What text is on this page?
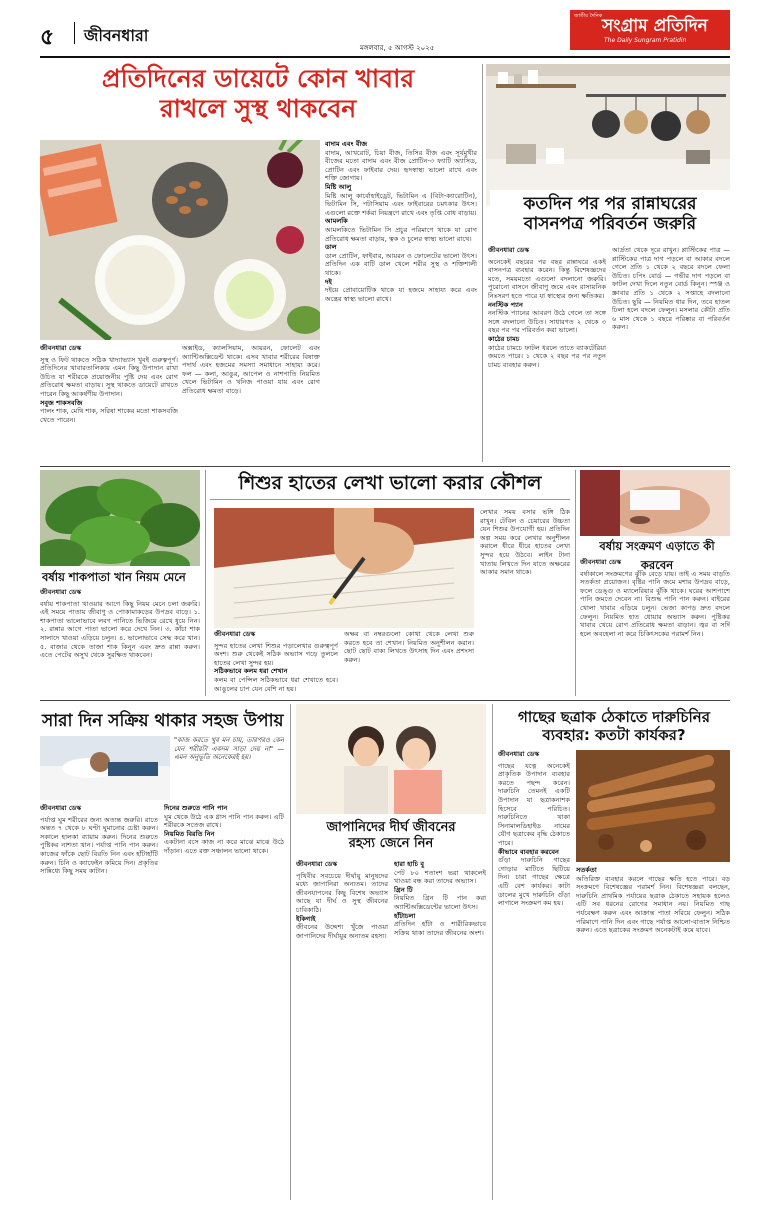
৫ জীবনধারা
মঙ্গলবার, ৫ আগস্ট ২০২৫
জাতীয় দৈনিক সংগ্রাম প্রতিদিন
The Daily Sungram Pratidin
প্রতিদিনের ডায়েটে কোন খাবার
রাখলে সুস্থ থাকবেন
জীবনধারা ডেস্ক
সুস্থ ও ফিট থাকতে সঠিক খাদ্যাভ্যাস খুবই গুরুত্বপূর্ণ। প্রতিদিনের খাবারতালিকায় এমন কিছু উপাদান রাখা উচিত যা শরীরকে প্রয়োজনীয় পুষ্টি দেয় এবং রোগ প্রতিরোধ ক্ষমতা বাড়ায়। সুস্থ থাকতে ডায়েটে রাখতে পারেন কিছু আকর্ষণীয় উপাদান।
সবুজ শাকসবজি
পালং শাক, মেথি শাক, সরিষা শাকের মতো শাকসবজি খেতে পারেন।
অক্সাইড, ক্যালসিয়াম, আয়রন, ফোলেট এবং অ্যান্টিঅক্সিডেন্ট থাকে। এসব খাবার শরীরের বিষাক্ত পদার্থ এবং হজমের সমস্যা সমাধানে সাহায্য করে। ফল — কলা, আঙুর, আপেল ও নাশপাতি নিয়মিত খেলে ভিটামিন ও খনিজ পাওয়া যায় এবং রোগ প্রতিরোধ ক্ষমতা বাড়ে।
বাদাম এবং বীজ
বাদাম, আখরোট, চিয়া বীজ, তিসির বীজ এবং সূর্যমুখীর বীজের মতো বাদাম এবং বীজ প্রোটিন-৩ ফ্যাটি অ্যাসিড, প্রোটিন এবং ফাইবার দেয়। হৃদস্বাস্থ্য ভালো রাখে এবং শক্তি জোগায়।
মিষ্টি আলু
মিষ্টি আলু কার্বোহাইড্রেট, ভিটামিন এ (বিটা-ক্যারোটিন), ভিটামিন সি, পটাসিয়াম এবং ফাইবারের চমৎকার উৎস। এগুলো রক্তে শর্করা নিয়ন্ত্রণে রাখে এবং তৃপ্তি বোধ বাড়ায়।
আমলকি
আমলকিতে ভিটামিন সি প্রচুর পরিমাণে থাকে যা রোগ প্রতিরোধ ক্ষমতা বাড়ায়, ত্বক ও চুলের স্বাস্থ্য ভালো রাখে।
ডাল
ডাল প্রোটিন, ফাইবার, আয়রন ও ফোলেটের ভালো উৎস। প্রতিদিন এক বাটি ডাল খেলে শরীর সুস্থ ও শক্তিশালী থাকে।
দই
দইয়ে প্রোবায়োটিক থাকে যা হজমে সাহায্য করে এবং অন্ত্রের স্বাস্থ্য ভালো রাখে।
কতদিন পর পর রান্নাঘরের
বাসনপত্র পরিবর্তন জরুরি
জীবনধারা ডেস্ক
অনেকেই বছরের পর বছর রান্নাঘরে একই বাসনপত্র ব্যবহার করেন। কিন্তু বিশেষজ্ঞদের মতে, সময়মতো এগুলো বদলানো জরুরি। পুরোনো বাসনে জীবাণু জমে এবং রাসায়নিক নিঃসরণ হতে পারে যা স্বাস্থ্যের জন্য ক্ষতিকর।
ননস্টিক প্যান
ননস্টিক প্যানের আবরণ উঠে গেলে তা সঙ্গে সঙ্গে বদলানো উচিত। সাধারণত ২ থেকে ৩ বছর পর পর পরিবর্তন করা ভালো।
কাঠের চামচ
কাঠের চামচে ফাটল ধরলে তাতে ব্যাকটেরিয়া জমতে পারে। ১ থেকে ২ বছর পর পর নতুন চামচ ব্যবহার করুন।
আর্দ্রতা থেকে দূরে রাখুন। প্লাস্টিকের পাত্র — প্লাস্টিকের পাত্র দাগ পড়লে বা আকার বদলে গেলে প্রতি ১ থেকে ২ বছরে বদলে ফেলা উচিত। চপিং বোর্ড — গভীর দাগ পড়লে বা ফাটল দেখা দিলে নতুন বোর্ড কিনুন। স্পঞ্জ ও স্ক্রাবার প্রতি ১ থেকে ২ সপ্তাহে বদলানো উচিত। ছুরি — নিয়মিত ধার দিন, তবে হাতল ঢিলা হলে বদলে ফেলুন। মসলার কৌটা প্রতি ৬ মাস থেকে ১ বছরে পরিষ্কার বা পরিবর্তন করুন।
বর্ষায় শাকপাতা খান নিয়ম মেনে
জীবনধারা ডেস্ক
বর্ষায় শাকপাতা খাওয়ার আগে কিছু নিয়ম মেনে চলা জরুরি। এই সময়ে পাতায় জীবাণু ও পোকামাকড়ের উপদ্রব বাড়ে। ১. শাকপাতা ভালোভাবে লবণ পানিতে ভিজিয়ে রেখে ধুয়ে নিন। ২. রান্নার আগে পাতা ভালো করে দেখে নিন। ৩. কাঁচা শাক সালাদে খাওয়া এড়িয়ে চলুন। ৪. ভালোভাবে সেদ্ধ করে খান। ৫. বাজার থেকে তাজা শাক কিনুন এবং দ্রুত রান্না করুন। এতে পেটের অসুখ থেকে সুরক্ষিত থাকবেন।
শিশুর হাতের লেখা ভালো করার কৌশল
জীবনধারা ডেস্ক
সুন্দর হাতের লেখা শিশুর পড়ালেখার গুরুত্বপূর্ণ অংশ। শুরু থেকেই সঠিক অভ্যাস গড়ে তুললে হাতের লেখা সুন্দর হয়।
সঠিকভাবে কলম ধরা শেখান
কলম বা পেন্সিল সঠিকভাবে ধরা শেখাতে হবে। আঙুলের চাপ যেন বেশি না হয়।
অক্ষর বা নম্বরগুলো কোথা থেকে লেখা শুরু করতে হবে তা শেখান। নিয়মিত অনুশীলন করান। ছোট ছোট বাক্য লিখতে উৎসাহ দিন এবং প্রশংসা করুন।
লেখার সময় বসার ভঙ্গি ঠিক রাখুন। টেবিল ও চেয়ারের উচ্চতা যেন শিশুর উপযোগী হয়। প্রতিদিন অল্প সময় করে লেখার অনুশীলন করালে ধীরে ধীরে হাতের লেখা সুন্দর হয়ে উঠবে। লাইন টানা খাতায় লিখতে দিন যাতে অক্ষরের আকার সমান থাকে।
বর্ষায় সংক্রমণ এড়াতে কী করবেন
জীবনধারা ডেস্ক
বর্ষাকালে সংক্রমণের ঝুঁকি বেড়ে যায়। তাই এ সময় বাড়তি সতর্কতা প্রয়োজন। বৃষ্টির পানি জমে মশার উপদ্রব বাড়ে, ফলে ডেঙ্গু ও ম্যালেরিয়ার ঝুঁকি থাকে। ঘরের আশপাশে পানি জমতে দেবেন না। বিশুদ্ধ পানি পান করুন। বাইরের খোলা খাবার এড়িয়ে চলুন। ভেজা কাপড় দ্রুত বদলে ফেলুন। নিয়মিত হাত ধোয়ার অভ্যাস করুন। পুষ্টিকর খাবার খেয়ে রোগ প্রতিরোধ ক্ষমতা বাড়ান। জ্বর বা সর্দি হলে অবহেলা না করে চিকিৎসকের পরামর্শ নিন।
সারা দিন সক্রিয় থাকার সহজ উপায়
"কাজ করতে খুব মন চায়, তারপরও কেন যেন শরীরটা একদম সাড়া দেয় না" — এমন অনুভূতি অনেকেরই হয়।
জীবনধারা ডেস্ক
পর্যাপ্ত ঘুম শরীরের জন্য অত্যন্ত জরুরি। রাতে অন্তত ৭ থেকে ৮ ঘণ্টা ঘুমানোর চেষ্টা করুন। সকালে হালকা ব্যায়াম করুন। দিনের শুরুতে পুষ্টিকর নাশতা খান। পর্যাপ্ত পানি পান করুন। কাজের ফাঁকে ছোট বিরতি নিন এবং হাঁটাহাঁটি করুন। চিনি ও ক্যাফেইন কমিয়ে দিন। প্রকৃতির সান্নিধ্যে কিছু সময় কাটান।
দিনের শুরুতে পানি পান
ঘুম থেকে উঠে এক গ্লাস পানি পান করুন। এটি শরীরকে সতেজ রাখে।
নিয়মিত বিরতি নিন
একটানা বসে কাজ না করে মাঝে মাঝে উঠে দাঁড়ান। এতে রক্ত সঞ্চালন ভালো থাকে।
জাপানিদের দীর্ঘ জীবনের
রহস্য জেনে নিন
জীবনধারা ডেস্ক
পৃথিবীর সবচেয়ে দীর্ঘায়ু মানুষদের মধ্যে জাপানিরা অন্যতম। তাদের জীবনযাপনের কিছু বিশেষ অভ্যাস আছে যা দীর্ঘ ও সুস্থ জীবনের চাবিকাঠি।
ইকিগাই
জীবনের উদ্দেশ্য খুঁজে পাওয়া জাপানিদের দীর্ঘায়ুর অন্যতম রহস্য।
হারা হাচি বু
পেট ৮০ শতাংশ ভরা থাকলেই খাওয়া বন্ধ করা তাদের অভ্যাস।
গ্রিন টি
নিয়মিত গ্রিন টি পান করা অ্যান্টিঅক্সিডেন্টের ভালো উৎস।
হাঁটাচলা
প্রতিদিন হাঁটা ও শারীরিকভাবে সক্রিয় থাকা তাদের জীবনের অংশ।
গাছের ছত্রাক ঠেকাতে দারুচিনির
ব্যবহার: কতটা কার্যকর?
জীবনধারা ডেস্ক
গাছের যত্নে অনেকেই প্রাকৃতিক উপাদান ব্যবহার করতে পছন্দ করেন। দারুচিনি তেমনই একটি উপাদান যা ছত্রাকনাশক হিসেবে পরিচিত। দারুচিনিতে থাকা সিনামালডিহাইড নামের যৌগ ছত্রাকের বৃদ্ধি ঠেকাতে পারে।
কীভাবে ব্যবহার করবেন
গুঁড়া দারুচিনি গাছের গোড়ার মাটিতে ছিটিয়ে দিন। চারা গাছের ক্ষেত্রে এটি বেশ কার্যকর। কাটা ডালের মুখে দারুচিনি গুঁড়া লাগালে সংক্রমণ কম হয়।
সতর্কতা
অতিরিক্ত ব্যবহার করলে গাছের ক্ষতি হতে পারে। বড় সংক্রমণে বিশেষজ্ঞের পরামর্শ নিন। বিশেষজ্ঞরা বলছেন, দারুচিনি প্রাথমিক পর্যায়ের ছত্রাক ঠেকাতে সহায়ক হলেও এটি সব ধরনের রোগের সমাধান নয়। নিয়মিত গাছ পর্যবেক্ষণ করুন এবং আক্রান্ত পাতা সরিয়ে ফেলুন। সঠিক পরিমাণে পানি দিন এবং গাছে পর্যাপ্ত আলো-বাতাস নিশ্চিত করুন। এতে ছত্রাকের সংক্রমণ অনেকটাই কমে যাবে।
